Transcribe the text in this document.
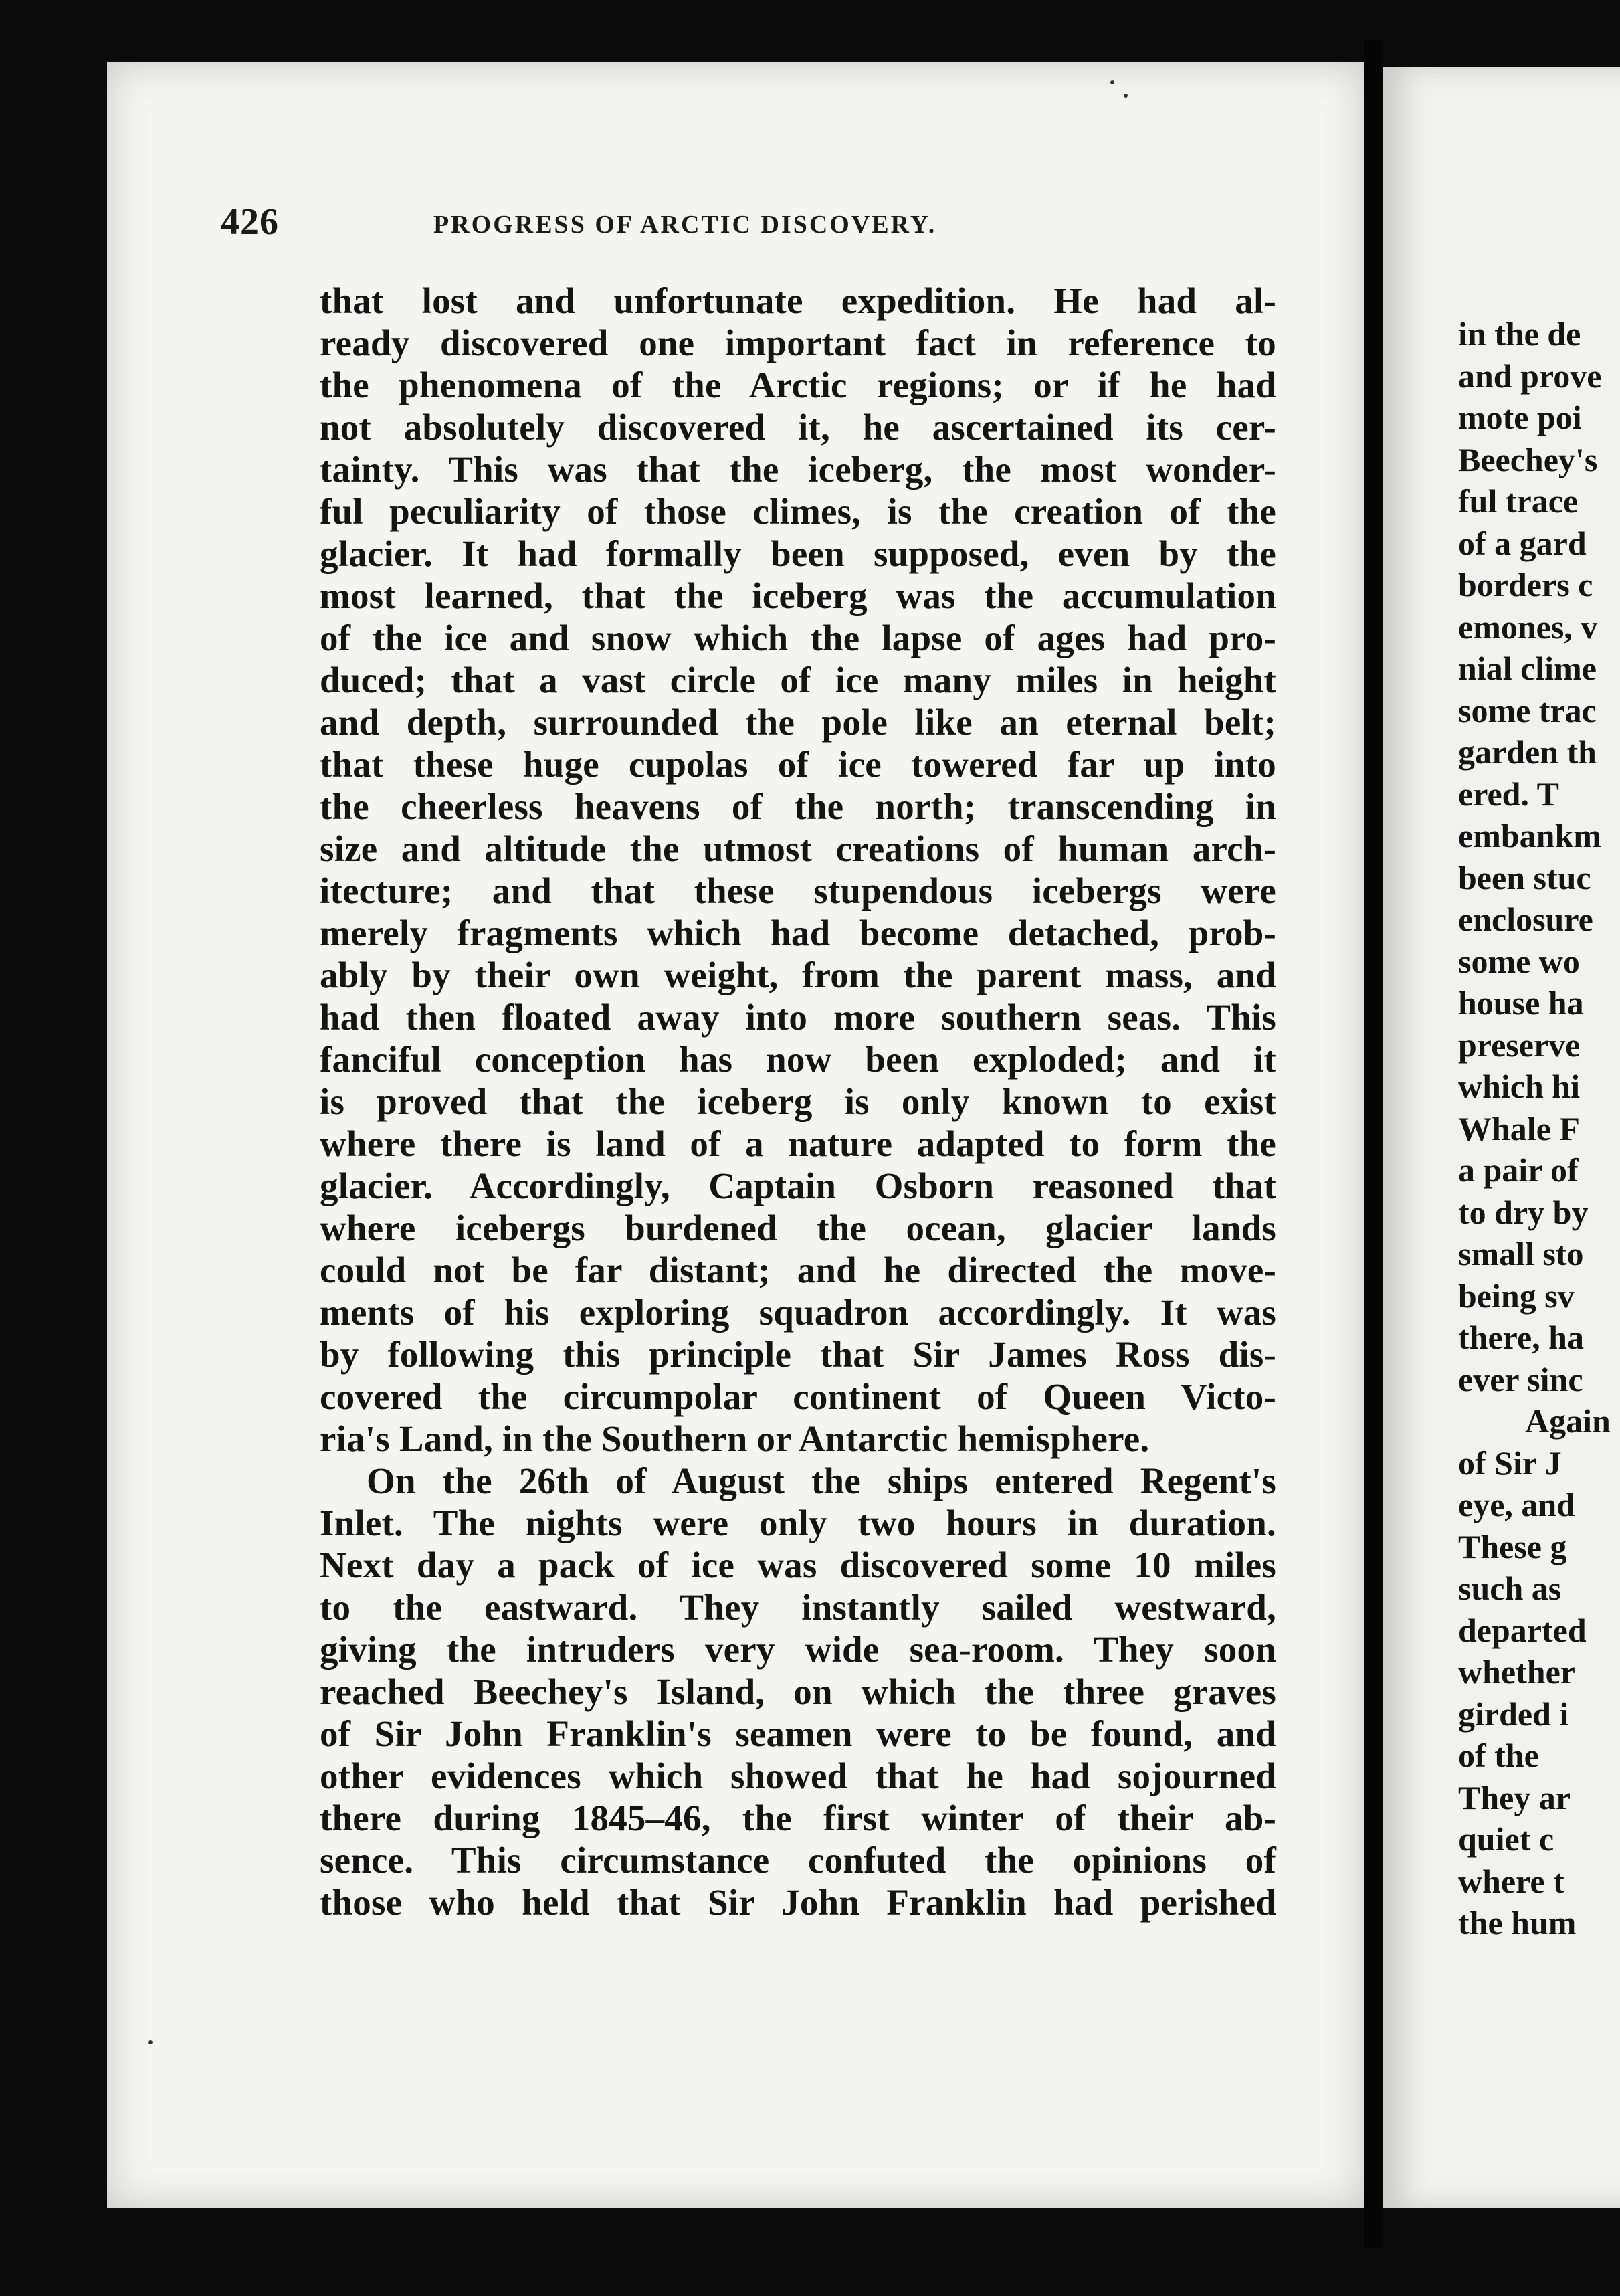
426	PROGRESS OF ARCTIC DISCOVERY.
that lost and unfortunate expedition. He had al-
ready discovered one important fact in reference to
the phenomena of the Arctic regions; or if he had
not absolutely discovered it, he ascertained its cer-
tainty. This was that the iceberg, the most wonder-
ful peculiarity of those climes, is the creation of the
glacier. It had formally been supposed, even by the
most learned, that the iceberg was the accumulation
of the ice and snow which the lapse of ages had pro-
duced; that a vast circle of ice many miles in height
and depth, surrounded the pole like an eternal belt;
that these huge cupolas of ice towered far up into
the cheerless heavens of the north; transcending in
size and altitude the utmost creations of human arch-
itecture; and that these stupendous icebergs were
merely fragments which had become detached, prob-
ably by their own weight, from the parent mass, and
had then floated away into more southern seas. This
fanciful conception has now been exploded; and it
is proved that the iceberg is only known to exist
where there is land of a nature adapted to form the
glacier. Accordingly, Captain Osborn reasoned that
where icebergs burdened the ocean, glacier lands
could not be far distant; and he directed the move-
ments of his exploring squadron accordingly. It was
by following this principle that Sir James Ross dis-
covered the circumpolar continent of Queen Victo-
ria's Land, in the Southern or Antarctic hemisphere.
On the 26th of August the ships entered Regent's
Inlet. The nights were only two hours in duration.
Next day a pack of ice was discovered some 10 miles
to the eastward. They instantly sailed westward,
giving the intruders very wide sea-room. They soon
reached Beechey's Island, on which the three graves
of Sir John Franklin's seamen were to be found, and
other evidences which showed that he had sojourned
there during 1845–46, the first winter of their ab-
sence. This circumstance confuted the opinions of
those who held that Sir John Franklin had perished
in the de
and prove
mote poi
Beechey's
ful trace
of a gard
borders c
emones, v
nial clime
some trac
garden th
ered. T
embankm
been stuc
enclosure
some wo
house ha
preserve
which hi
Whale F
a pair of
to dry by
small sto
being sv
there, ha
ever sinc
Again
of Sir J
eye, and
These g
such as
departed
whether
girded i
of the
They ar
quiet c
where t
the hum
